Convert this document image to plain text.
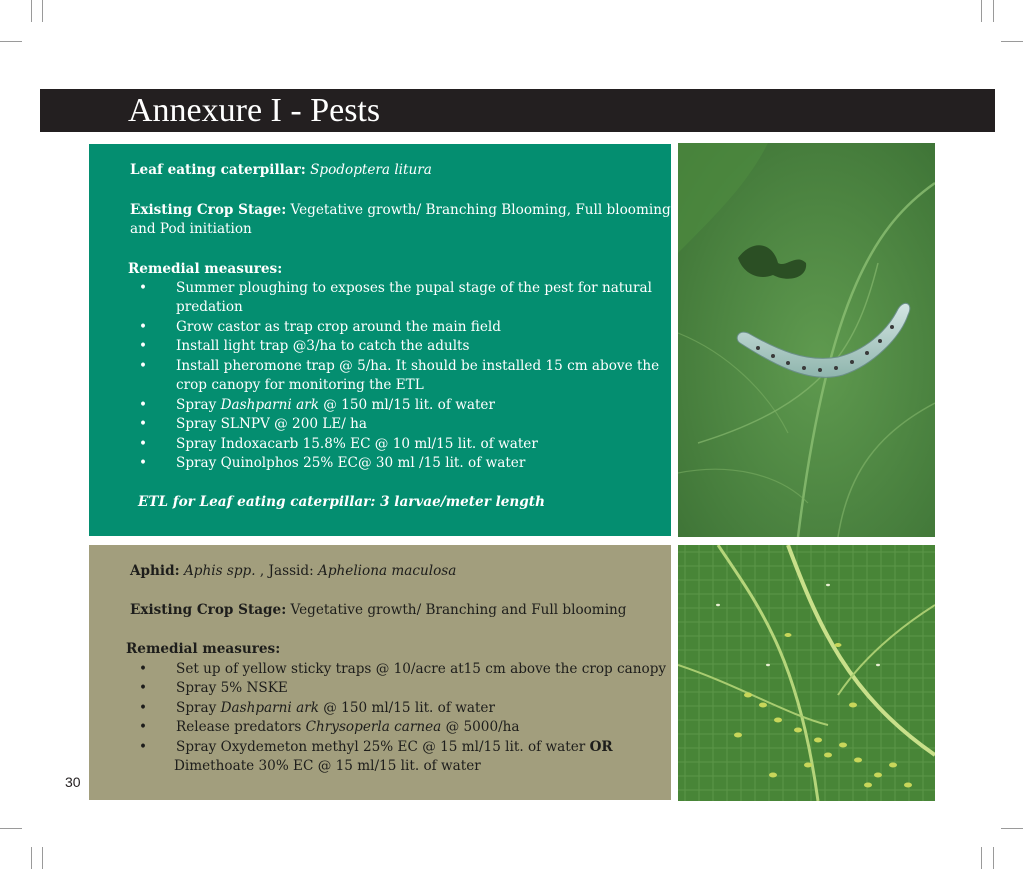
Annexure I - Pests
Leaf eating caterpillar: Spodoptera litura
Existing Crop Stage: Vegetative growth/ Branching Blooming, Full blooming
and Pod initiation
Remedial measures:
• Summer ploughing to exposes the pupal stage of the pest for natural
predation
• Grow castor as trap crop around the main field
• Install light trap @3/ha to catch the adults
• Install pheromone trap @ 5/ha. It should be installed 15 cm above the
crop canopy for monitoring the ETL
• Spray Dashparni ark @ 150 ml/15 lit. of water
• Spray SLNPV @ 200 LE/ ha
• Spray Indoxacarb 15.8% EC @ 10 ml/15 lit. of water
• Spray Quinolphos 25% EC@ 30 ml /15 lit. of water
ETL for Leaf eating caterpillar: 3 larvae/meter length
Aphid: Aphis spp. , Jassid: Apheliona maculosa
Existing Crop Stage: Vegetative growth/ Branching and Full blooming
Remedial measures:
• Set up of yellow sticky traps @ 10/acre at15 cm above the crop canopy
• Spray 5% NSKE
• Spray Dashparni ark @ 150 ml/15 lit. of water
• Release predators Chrysoperla carnea @ 5000/ha
• Spray Oxydemeton methyl 25% EC @ 15 ml/15 lit. of water OR
Dimethoate 30% EC @ 15 ml/15 lit. of water
30
